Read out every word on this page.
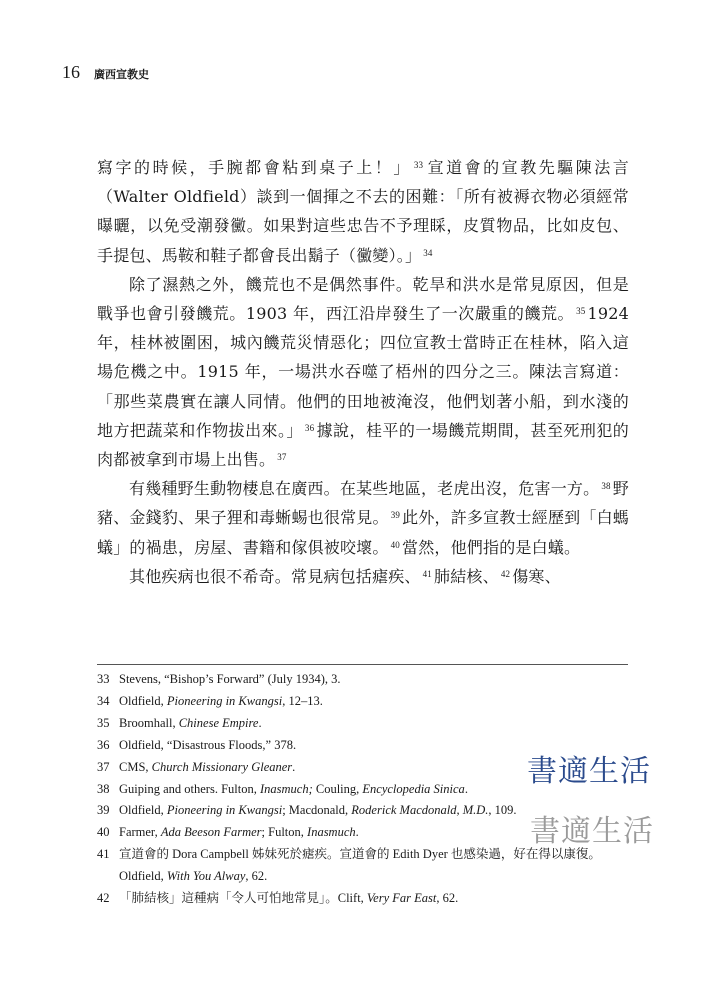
16 廣西宣教史

寫字的時候，手腕都會粘到桌子上！」 $^{33}$ 宣道會的宣教先驅陳法言（Walter Oldfield）談到一個揮之不去的困難：「所有被褥衣物必須經常曝曬，以免受潮發黴。如果對這些忠告不予理睬，皮質物品，比如皮包、手提包、馬鞍和鞋子都會長出鬍子（黴變）。」 $^{34}$

除了濕熱之外，饑荒也不是偶然事件。乾旱和洪水是常見原因，但是戰爭也會引發饑荒。1903 年，西江沿岸發生了一次嚴重的饑荒。 $^{35}$ 1924 年，桂林被圍困，城內饑荒災情惡化；四位宣教士當時正在桂林，陷入這場危機之中。1915 年，一場洪水吞噬了梧州的四分之三。陳法言寫道：「那些菜農實在讓人同情。他們的田地被淹沒，他們划著小船，到水淺的地方把蔬菜和作物拔出來。」 $^{36}$ 據說，桂平的一場饑荒期間，甚至死刑犯的肉都被拿到市場上出售。 $^{37}$

有幾種野生動物棲息在廣西。在某些地區，老虎出沒，危害一方。 $^{38}$ 野豬、金錢豹、果子狸和毒蜥蜴也很常見。 $^{39}$ 此外，許多宣教士經歷到「白螞蟻」的禍患，房屋、書籍和傢俱被咬壞。 $^{40}$ 當然，他們指的是白蟻。

其他疾病也很不希奇。常見病包括瘧疾、 $^{41}$ 肺結核、 $^{42}$ 傷寒、

33 Stevens, “Bishop’s Forward” (July 1934), 3.
34 Oldfield, Pioneering in Kwangsi, 12–13.
35 Broomhall, Chinese Empire.
36 Oldfield, “Disastrous Floods,” 378.
37 CMS, Church Missionary Gleaner.
38 Guiping and others. Fulton, Inasmuch; Couling, Encyclopedia Sinica.
39 Oldfield, Pioneering in Kwangsi; Macdonald, Roderick Macdonald, M.D., 109.
40 Farmer, Ada Beeson Farmer; Fulton, Inasmuch.
41 宣道會的 Dora Campbell 姊妹死於瘧疾。宣道會的 Edith Dyer 也感染過，好在得以康復。Oldfield, With You Alway, 62.
42 「肺結核」這種病「令人可怕地常見」。Clift, Very Far East, 62.
書適生活
書適生活
